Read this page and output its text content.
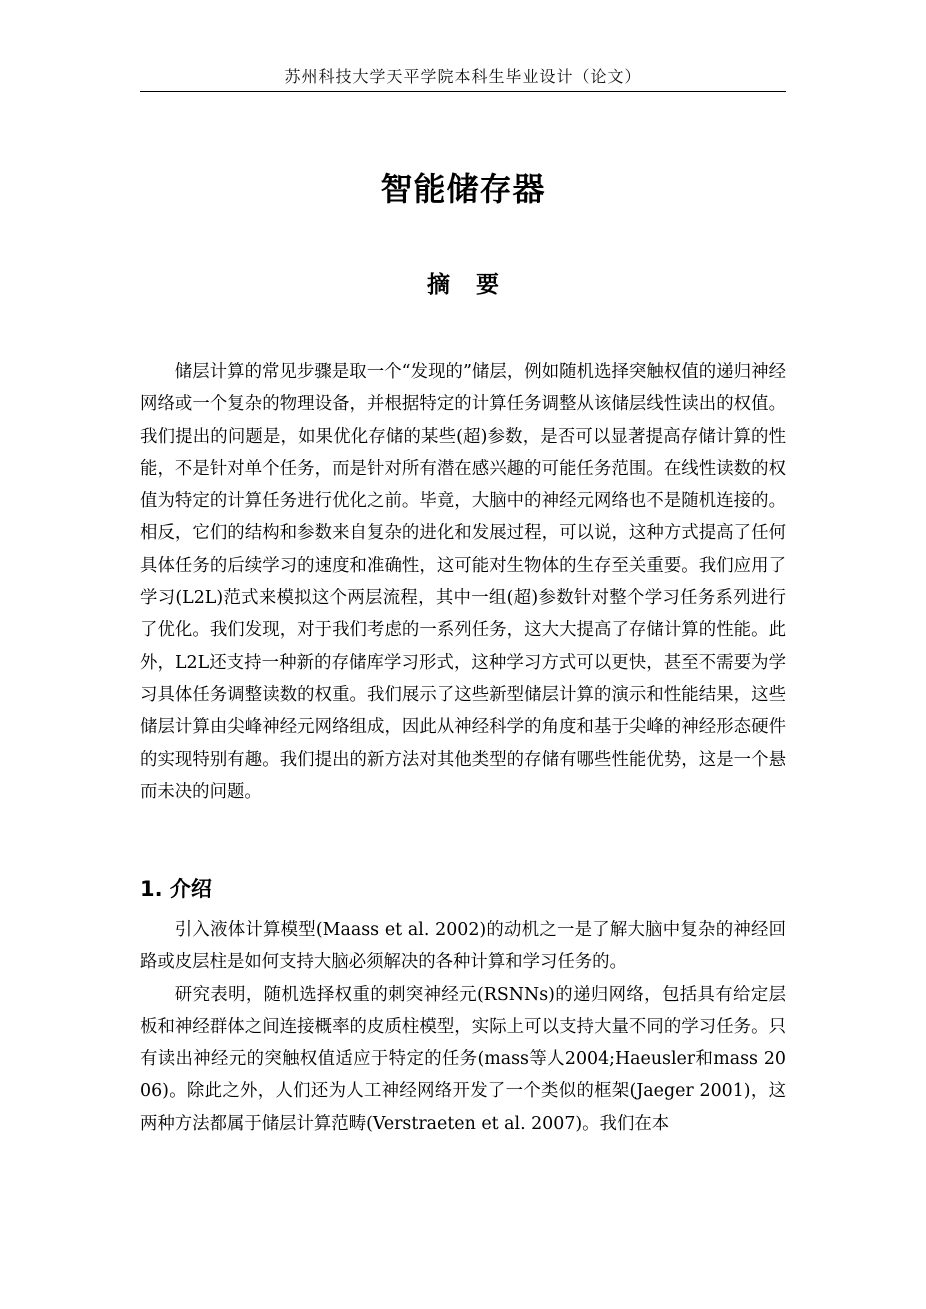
苏州科技大学天平学院本科生毕业设计（论文）
智能储存器
摘要

储层计算的常见步骤是取一个“发现的”储层，例如随机选择突触权值的递归神经网络或一个复杂的物理设备，并根据特定的计算任务调整从该储层线性读出的权值。我们提出的问题是，如果优化存储的某些(超)参数，是否可以显著提高存储计算的性能，不是针对单个任务，而是针对所有潜在感兴趣的可能任务范围。在线性读数的权值为特定的计算任务进行优化之前。毕竟，大脑中的神经元网络也不是随机连接的。相反，它们的结构和参数来自复杂的进化和发展过程，可以说，这种方式提高了任何具体任务的后续学习的速度和准确性，这可能对生物体的生存至关重要。我们应用了学习(L2L)范式来模拟这个两层流程，其中一组(超)参数针对整个学习任务系列进行了优化。我们发现，对于我们考虑的一系列任务，这大大提高了存储计算的性能。此外，L2L还支持一种新的存储库学习形式，这种学习方式可以更快，甚至不需要为学习具体任务调整读数的权重。我们展示了这些新型储层计算的演示和性能结果，这些储层计算由尖峰神经元网络组成，因此从神经科学的角度和基于尖峰的神经形态硬件的实现特别有趣。我们提出的新方法对其他类型的存储有哪些性能优势，这是一个悬而未决的问题。

1. 介绍

引入液体计算模型(Maass et al. 2002)的动机之一是了解大脑中复杂的神经回路或皮层柱是如何支持大脑必须解决的各种计算和学习任务的。

研究表明，随机选择权重的刺突神经元(RSNNs)的递归网络，包括具有给定层板和神经群体之间连接概率的皮质柱模型，实际上可以支持大量不同的学习任务。只有读出神经元的突触权值适应于特定的任务(mass等人2004;Haeusler和mass 2006)。除此之外，人们还为人工神经网络开发了一个类似的框架(Jaeger 2001)，这两种方法都属于储层计算范畴(Verstraeten et al. 2007)。我们在本
